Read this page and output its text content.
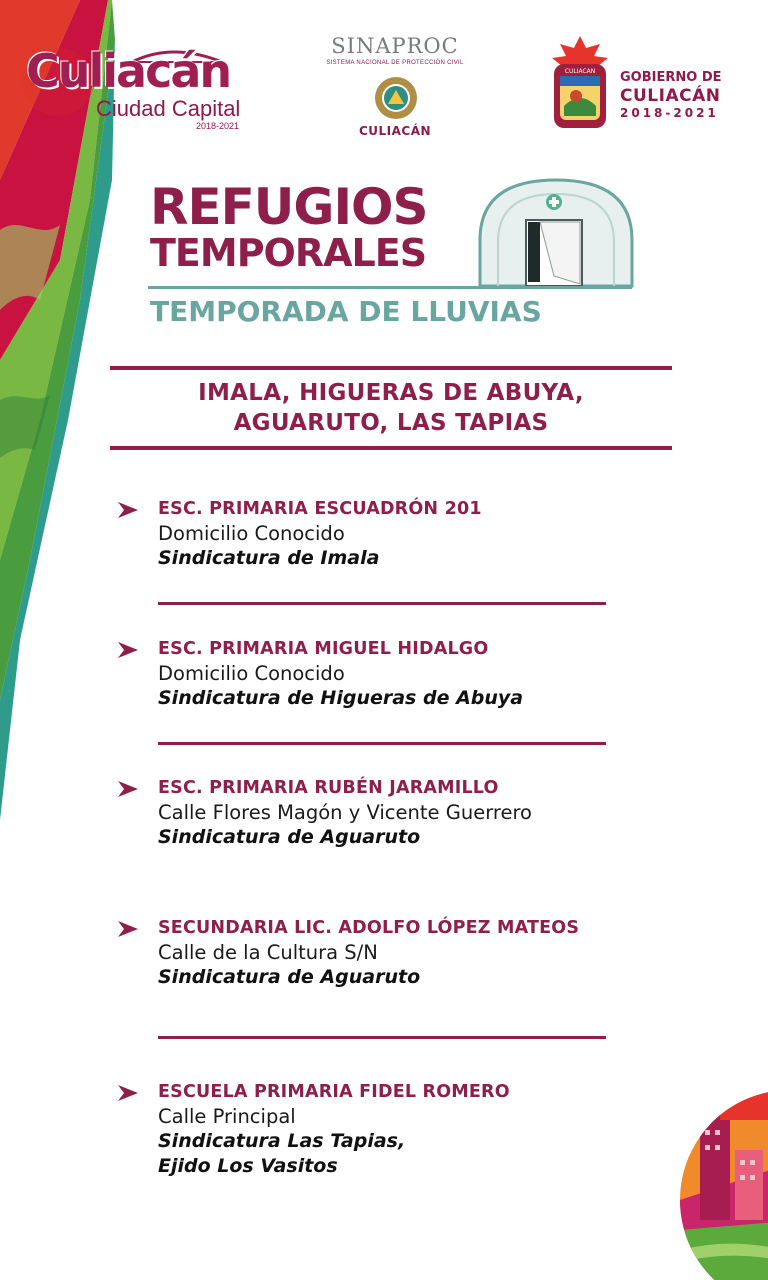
Culiacán
Ciudad Capital
2018-2021
SINAPROC
SISTEMA NACIONAL DE PROTECCIÓN CIVIL
CULIACÁN
CULIACAN GOBIERNO DE
CULIACÁN
2018-2021
REFUGIOS
TEMPORALES
TEMPORADA DE LLUVIAS
IMALA, HIGUERAS DE ABUYA,
AGUARUTO, LAS TAPIAS
ESC. PRIMARIA ESCUADRÓN 201
Domicilio Conocido
Sindicatura de Imala
ESC. PRIMARIA MIGUEL HIDALGO
Domicilio Conocido
Sindicatura de Higueras de Abuya
ESC. PRIMARIA RUBÉN JARAMILLO
Calle Flores Magón y Vicente Guerrero
Sindicatura de Aguaruto
SECUNDARIA LIC. ADOLFO LÓPEZ MATEOS
Calle de la Cultura S/N
Sindicatura de Aguaruto
ESCUELA PRIMARIA FIDEL ROMERO
Calle Principal
Sindicatura Las Tapias,
Ejido Los Vasitos
